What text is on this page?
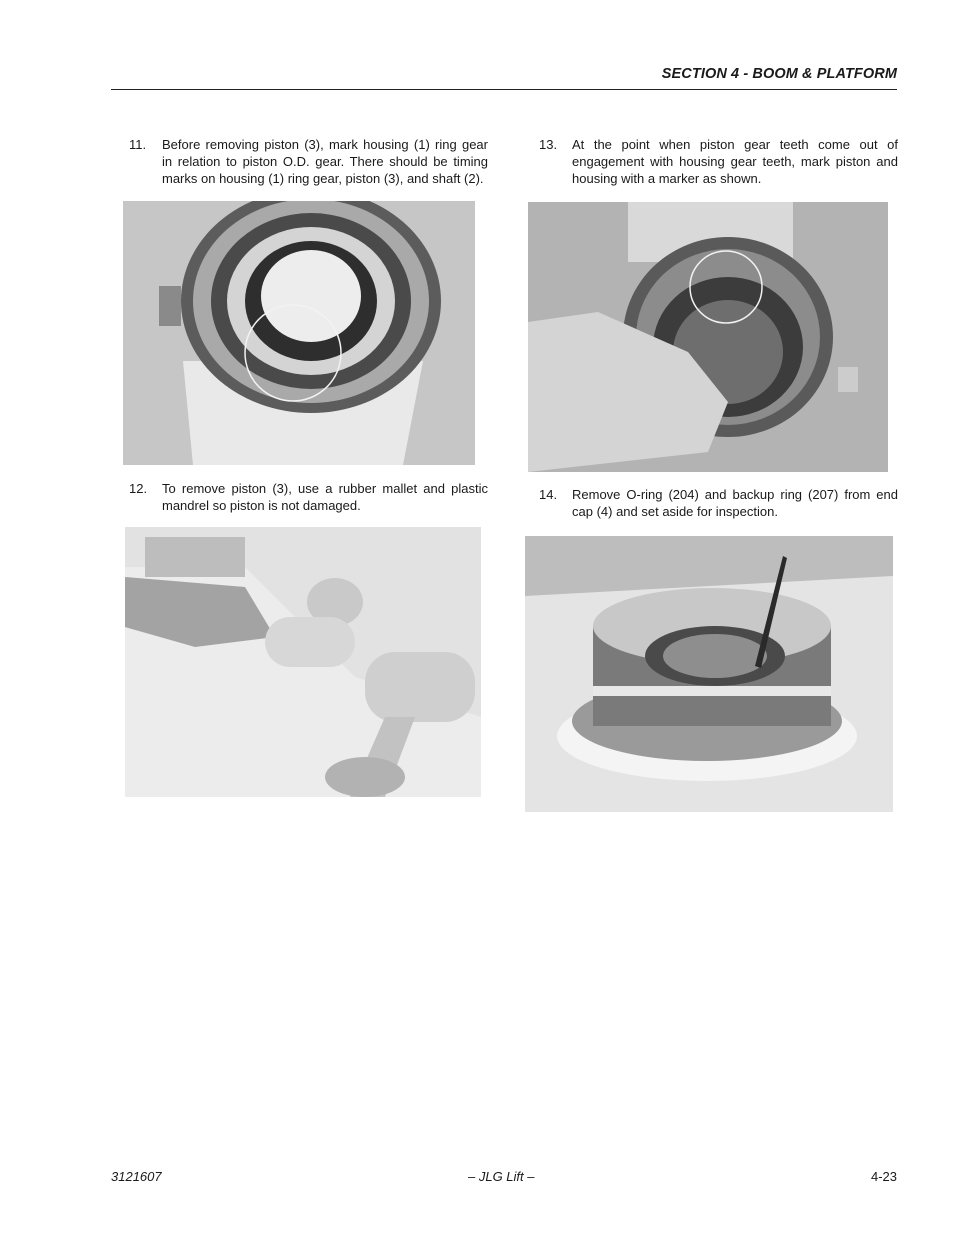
SECTION 4 - BOOM & PLATFORM
11. Before removing piston (3), mark housing (1) ring gear in relation to piston O.D. gear. There should be timing marks on housing (1) ring gear, piston (3), and shaft (2).
12. To remove piston (3), use a rubber mallet and plastic mandrel so piston is not damaged.
13. At the point when piston gear teeth come out of engagement with housing gear teeth, mark piston and housing with a marker as shown.
14. Remove O-ring (204) and backup ring (207) from end cap (4) and set aside for inspection.
3121607	– JLG Lift –	4-23
